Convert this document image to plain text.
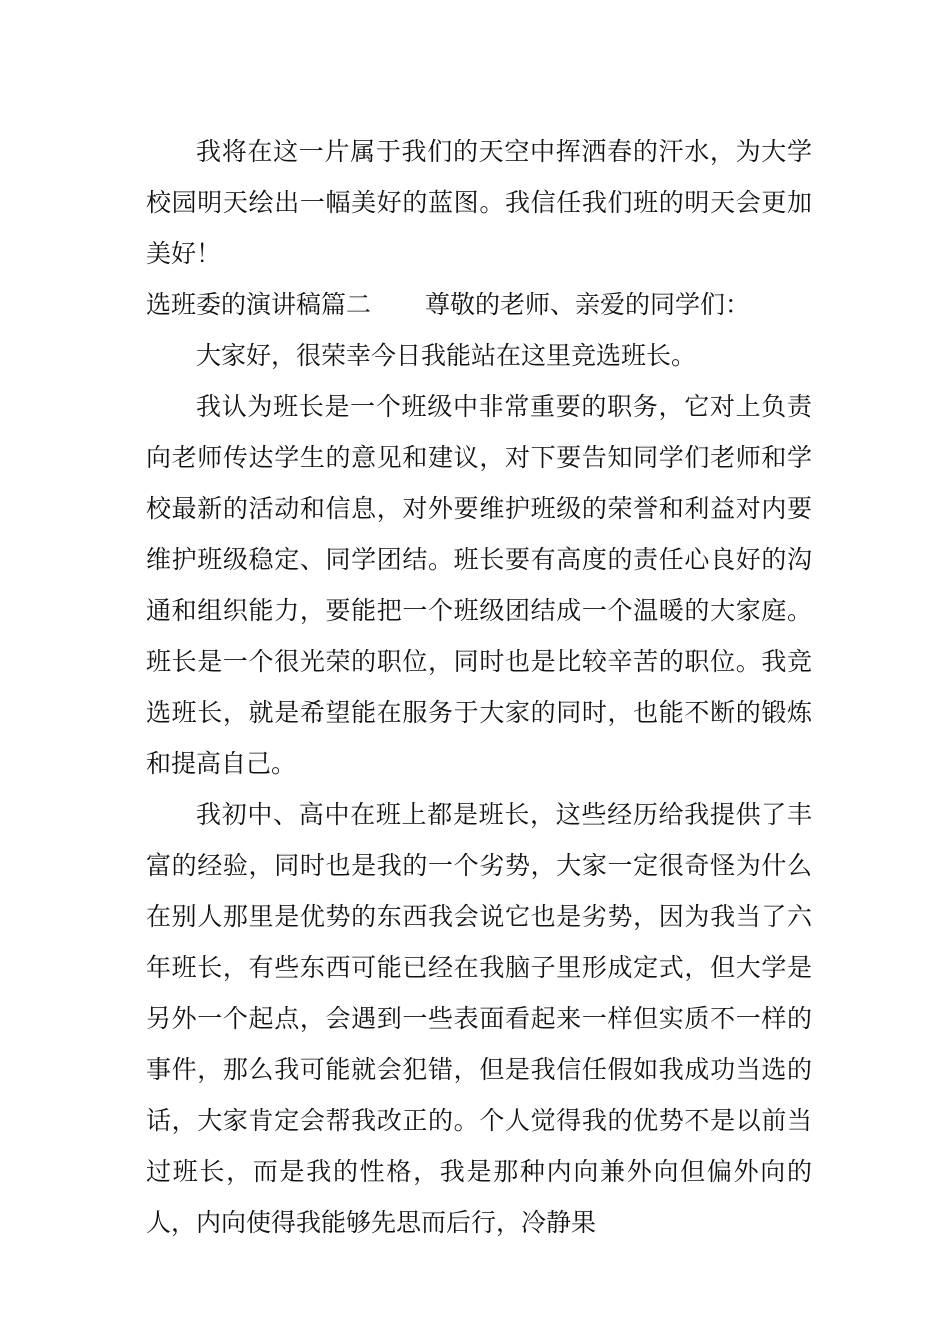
我将在这一片属于我们的天空中挥洒春的汗水，为大学校园明天绘出一幅美好的蓝图。我信任我们班的明天会更加美好！

选班委的演讲稿篇二 尊敬的老师、亲爱的同学们：

大家好，很荣幸今日我能站在这里竞选班长。

我认为班长是一个班级中非常重要的职务，它对上负责向老师传达学生的意见和建议，对下要告知同学们老师和学校最新的活动和信息，对外要维护班级的荣誉和利益对内要维护班级稳定、同学团结。班长要有高度的责任心良好的沟通和组织能力，要能把一个班级团结成一个温暖的大家庭。班长是一个很光荣的职位，同时也是比较辛苦的职位。我竞选班长，就是希望能在服务于大家的同时，也能不断的锻炼和提高自己。

我初中、高中在班上都是班长，这些经历给我提供了丰富的经验，同时也是我的一个劣势，大家一定很奇怪为什么在别人那里是优势的东西我会说它也是劣势，因为我当了六年班长，有些东西可能已经在我脑子里形成定式，但大学是另外一个起点，会遇到一些表面看起来一样但实质不一样的事件，那么我可能就会犯错，但是我信任假如我成功当选的话，大家肯定会帮我改正的。个人觉得我的优势不是以前当过班长，而是我的性格，我是那种内向兼外向但偏外向的人，内向使得我能够先思而后行，冷静果
